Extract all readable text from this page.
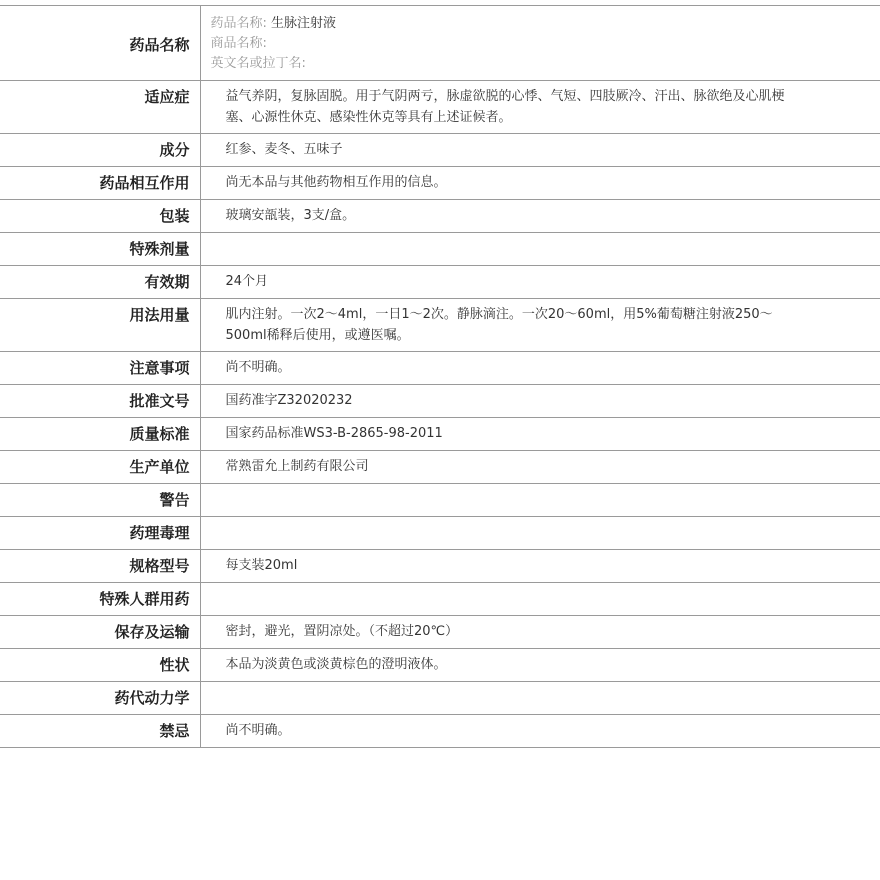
药品名称	药品名称: 生脉注射液
商品名称:
英文名或拉丁名:

适应症	益气养阴，复脉固脱。用于气阴两亏，脉虚欲脱的心悸、气短、四肢厥冷、汗出、脉欲绝及心肌梗塞、心源性休克、感染性休克等具有上述证候者。
成分	红参、麦冬、五味子
药品相互作用	尚无本品与其他药物相互作用的信息。
包装	玻璃安瓿装，3支/盒。
特殊剂量	
有效期	24个月
用法用量	肌内注射。一次2～4ml，一日1～2次。静脉滴注。一次20～60ml，用5%葡萄糖注射液250～500ml稀释后使用，或遵医嘱。
注意事项	尚不明确。
批准文号	国药准字Z32020232
质量标准	国家药品标准WS3-B-2865-98-2011
生产单位	常熟雷允上制药有限公司
警告	
药理毒理	
规格型号	每支装20ml
特殊人群用药	
保存及运输	密封，避光，置阴凉处。（不超过20℃）
性状	本品为淡黄色或淡黄棕色的澄明液体。
药代动力学	
禁忌	尚不明确。
